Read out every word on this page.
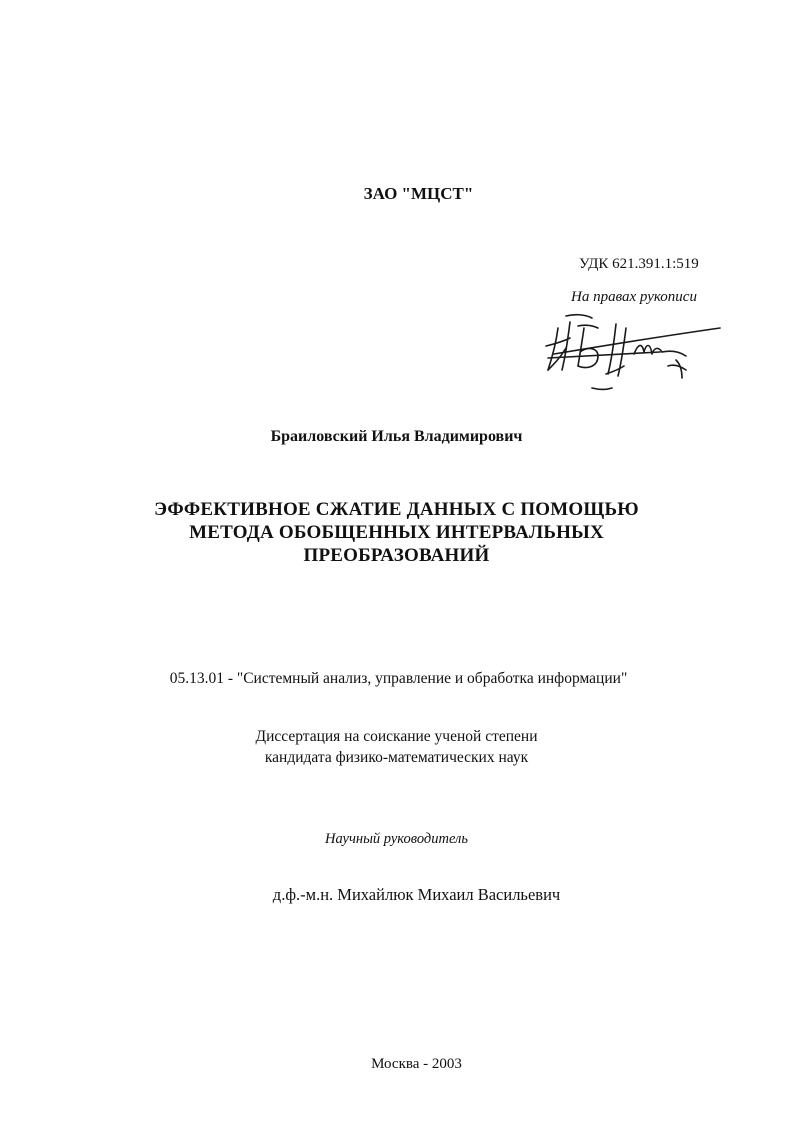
ЗАО "МЦСТ"
УДК 621.391.1:519
На правах рукописи
Браиловский Илья Владимирович
ЭФФЕКТИВНОЕ СЖАТИЕ ДАННЫХ С ПОМОЩЬЮ
МЕТОДА ОБОБЩЕННЫХ ИНТЕРВАЛЬНЫХ
ПРЕОБРАЗОВАНИЙ
05.13.01 - "Системный анализ, управление и обработка информации"
Диссертация на соискание ученой степени
кандидата физико-математических наук
Научный руководитель
д.ф.-м.н. Михайлюк Михаил Васильевич
Москва - 2003
